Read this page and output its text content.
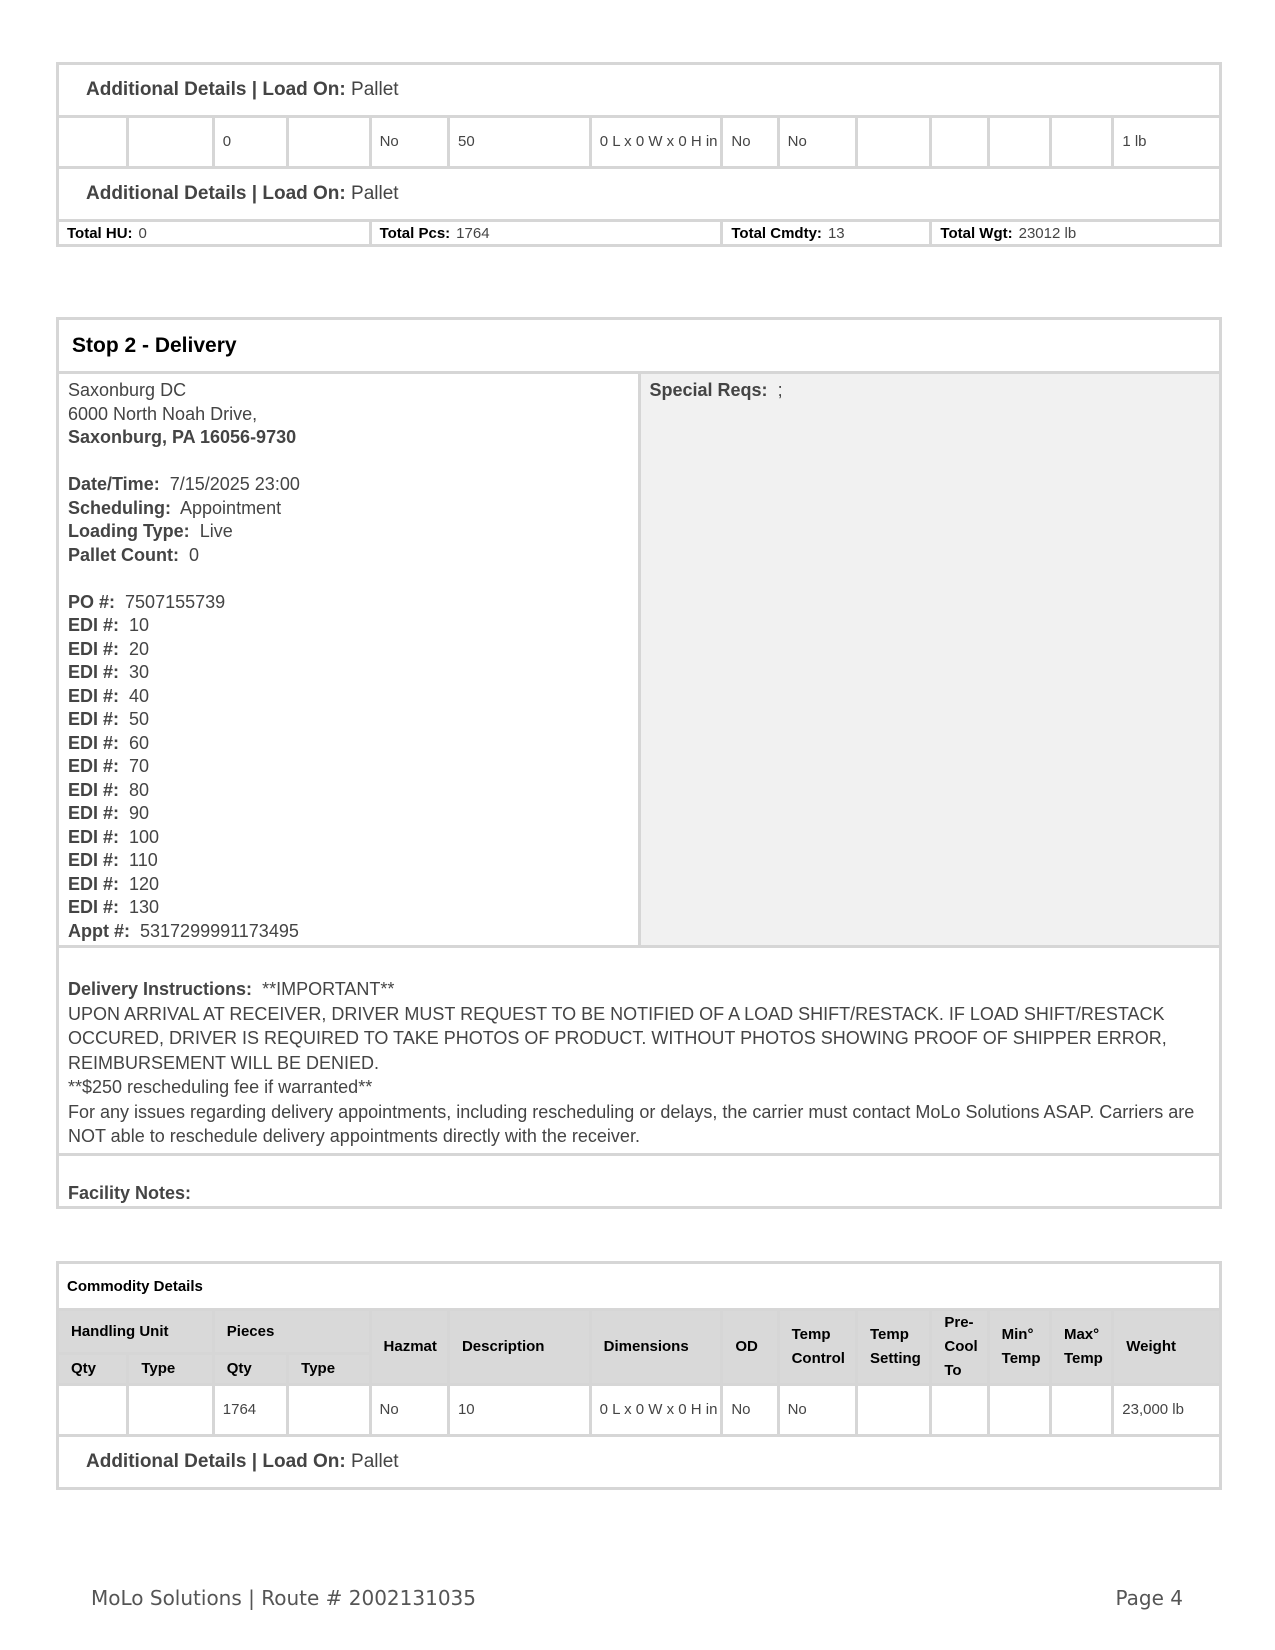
Additional Details | Load On: Pallet													
		0		No	50	0 L x 0 W x 0 H in	No	No					1 lb
Additional Details | Load On: Pallet													
Total HU: 0				Total Pcs: 1764			Total Cmdty: 13			Total Wgt: 23012 lb			
Stop 2 - Delivery

Saxonburg DC
6000 North Noah Drive,
Saxonburg, PA 16056-9730
Date/Time: 7/15/2025 23:00
Scheduling: Appointment
Loading Type: Live
Pallet Count: 0
PO #: 7507155739
EDI #: 10
EDI #: 20
EDI #: 30
EDI #: 40
EDI #: 50
EDI #: 60
EDI #: 70
EDI #: 80
EDI #: 90
EDI #: 100
EDI #: 110
EDI #: 120
EDI #: 130
Appt #: 5317299991173495
	Special Reqs: ;

Delivery Instructions: **IMPORTANT**
UPON ARRIVAL AT RECEIVER, DRIVER MUST REQUEST TO BE NOTIFIED OF A LOAD SHIFT/RESTACK. IF LOAD SHIFT/RESTACK OCCURED, DRIVER IS REQUIRED TO TAKE PHOTOS OF PRODUCT. WITHOUT PHOTOS SHOWING PROOF OF SHIPPER ERROR, REIMBURSEMENT WILL BE DENIED.
**$250 rescheduling fee if warranted**
For any issues regarding delivery appointments, including rescheduling or delays, the carrier must contact MoLo Solutions ASAP. Carriers are NOT able to reschedule delivery appointments directly with the receiver.

Facility Notes:
Commodity Details													
Handling Unit		Pieces		Hazmat	Description	Dimensions	OD	Temp Control	Temp Setting	Pre-Cool To	Min° Temp	Max° Temp	Weight
Qty	Type	Qty	Type										
		1764		No	10	0 L x 0 W x 0 H in	No	No					23,000 lb
Additional Details | Load On: Pallet													
MoLo Solutions | Route # 2002131035	Page 4
